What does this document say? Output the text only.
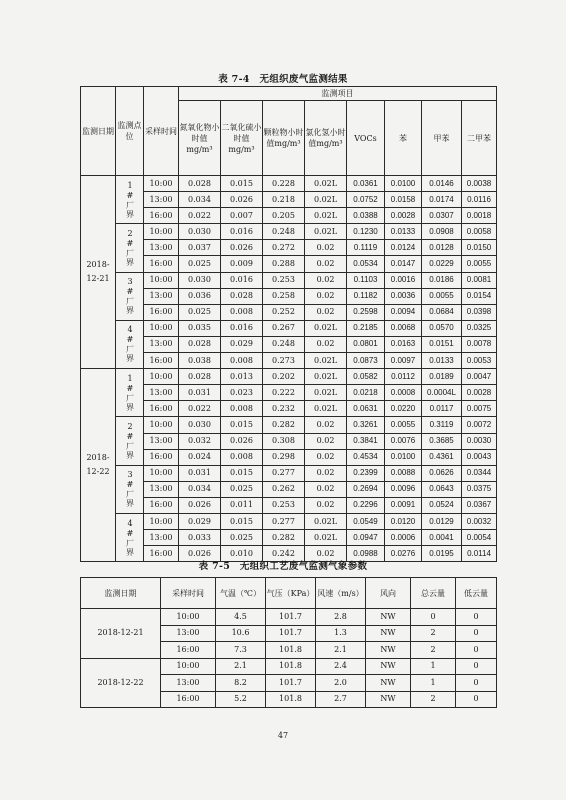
表 7-4　无组织废气监测结果
监测日期	监测点位	采样时间	监测项目							
			氮氧化物小时值mg/m³	二氧化硫小时值mg/m³	颗粒物小时值mg/m³	氯化氢小时值mg/m³	VOCs	苯	甲苯	二甲苯
2018-12-21	1#厂界	10:00	0.028	0.015	0.228	0.02L	0.0361	0.0100	0.0146	0.0038
		13:00	0.034	0.026	0.218	0.02L	0.0752	0.0158	0.0174	0.0116
		16:00	0.022	0.007	0.205	0.02L	0.0388	0.0028	0.0307	0.0018
	2#厂界	10:00	0.030	0.016	0.248	0.02L	0.1230	0.0133	0.0908	0.0058
		13:00	0.037	0.026	0.272	0.02	0.1119	0.0124	0.0128	0.0150
		16:00	0.025	0.009	0.288	0.02	0.0534	0.0147	0.0229	0.0055
	3#厂界	10:00	0.030	0.016	0.253	0.02	0.1103	0.0016	0.0186	0.0081
		13:00	0.036	0.028	0.258	0.02	0.1182	0.0036	0.0055	0.0154
		16:00	0.025	0.008	0.252	0.02	0.2598	0.0094	0.0684	0.0398
	4#厂界	10:00	0.035	0.016	0.267	0.02L	0.2185	0.0068	0.0570	0.0325
		13:00	0.028	0.029	0.248	0.02	0.0801	0.0163	0.0151	0.0078
		16:00	0.038	0.008	0.273	0.02L	0.0873	0.0097	0.0133	0.0053
2018-12-22	1#厂界	10:00	0.028	0.013	0.202	0.02L	0.0582	0.0112	0.0189	0.0047
		13:00	0.031	0.023	0.222	0.02L	0.0218	0.0008	0.0004L	0.0028
		16:00	0.022	0.008	0.232	0.02L	0.0631	0.0220	0.0117	0.0075
	2#厂界	10:00	0.030	0.015	0.282	0.02	0.3261	0.0055	0.3119	0.0072
		13:00	0.032	0.026	0.308	0.02	0.3841	0.0076	0.3685	0.0030
		16:00	0.024	0.008	0.298	0.02	0.4534	0.0100	0.4361	0.0043
	3#厂界	10:00	0.031	0.015	0.277	0.02	0.2399	0.0088	0.0626	0.0344
		13:00	0.034	0.025	0.262	0.02	0.2694	0.0096	0.0643	0.0375
		16:00	0.026	0.011	0.253	0.02	0.2296	0.0091	0.0524	0.0367
	4#厂界	10:00	0.029	0.015	0.277	0.02L	0.0549	0.0120	0.0129	0.0032
		13:00	0.033	0.025	0.282	0.02L	0.0947	0.0006	0.0041	0.0054
		16:00	0.026	0.010	0.242	0.02	0.0988	0.0276	0.0195	0.0114
表 7-5　无组织工艺废气监测气象参数
监测日期	采样时间	气温（℃）	气压（KPa）	风速（m/s）	风向	总云量	低云量
2018-12-21	10:00	4.5	101.7	2.8	NW	0	0
	13:00	10.6	101.7	1.3	NW	2	0
	16:00	7.3	101.8	2.1	NW	2	0
2018-12-22	10:00	2.1	101.8	2.4	NW	1	0
	13:00	8.2	101.7	2.0	NW	1	0
	16:00	5.2	101.8	2.7	NW	2	0
47
